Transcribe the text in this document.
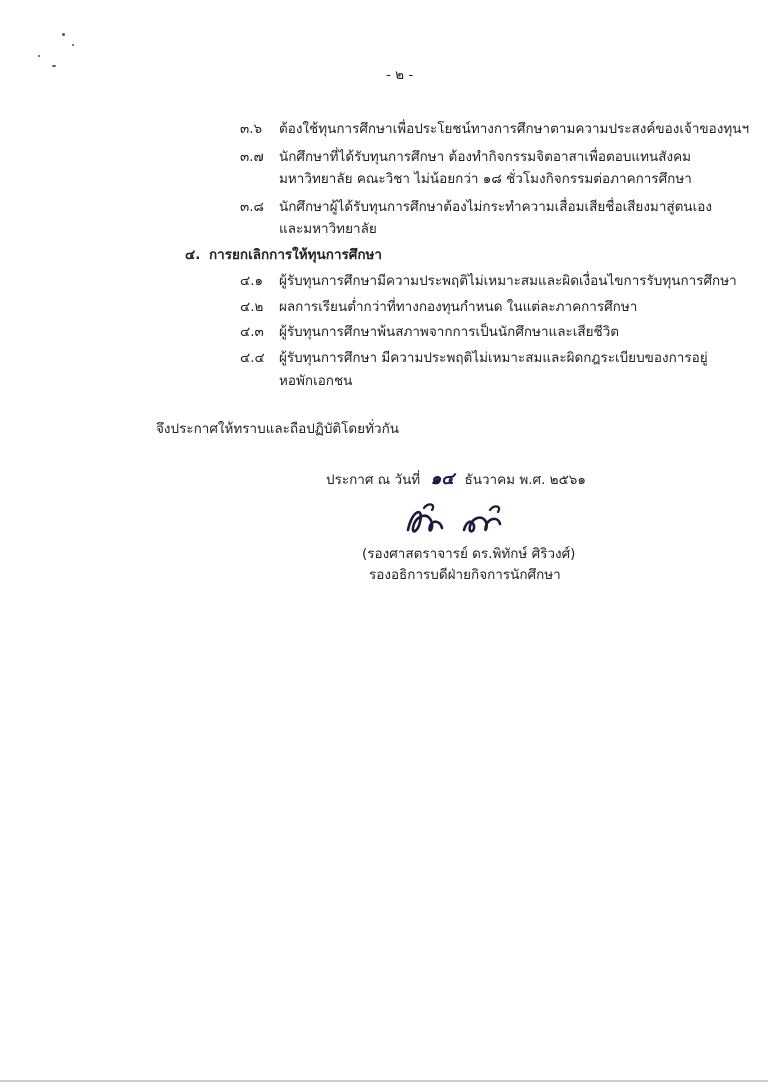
- ๒ -
๓.๖ ต้องใช้ทุนการศึกษาเพื่อประโยชน์ทางการศึกษาตามความประสงค์ของเจ้าของทุนฯ
๓.๗ นักศึกษาที่ได้รับทุนการศึกษา ต้องทำกิจกรรมจิตอาสาเพื่อตอบแทนสังคม
มหาวิทยาลัย คณะวิชา ไม่น้อยกว่า ๑๘ ชั่วโมงกิจกรรมต่อภาคการศึกษา
๓.๘ นักศึกษาผู้ได้รับทุนการศึกษาต้องไม่กระทำความเสื่อมเสียชื่อเสียงมาสู่ตนเอง
และมหาวิทยาลัย
๔. การยกเลิกการให้ทุนการศึกษา
๔.๑ ผู้รับทุนการศึกษามีความประพฤติไม่เหมาะสมและผิดเงื่อนไขการรับทุนการศึกษา
๔.๒ ผลการเรียนต่ำกว่าที่ทางกองทุนกำหนด ในแต่ละภาคการศึกษา
๔.๓ ผู้รับทุนการศึกษาพ้นสภาพจากการเป็นนักศึกษาและเสียชีวิต
๔.๔ ผู้รับทุนการศึกษา มีความประพฤติไม่เหมาะสมและผิดกฎระเบียบของการอยู่
หอพักเอกชน
จึงประกาศให้ทราบและถือปฏิบัติโดยทั่วกัน
ประกาศ ณ วันที่ ๑๔ ธันวาคม พ.ศ. ๒๕๖๑
(รองศาสตราจารย์ ดร.พิทักษ์ ศิริวงศ์)
รองอธิการบดีฝ่ายกิจการนักศึกษา
